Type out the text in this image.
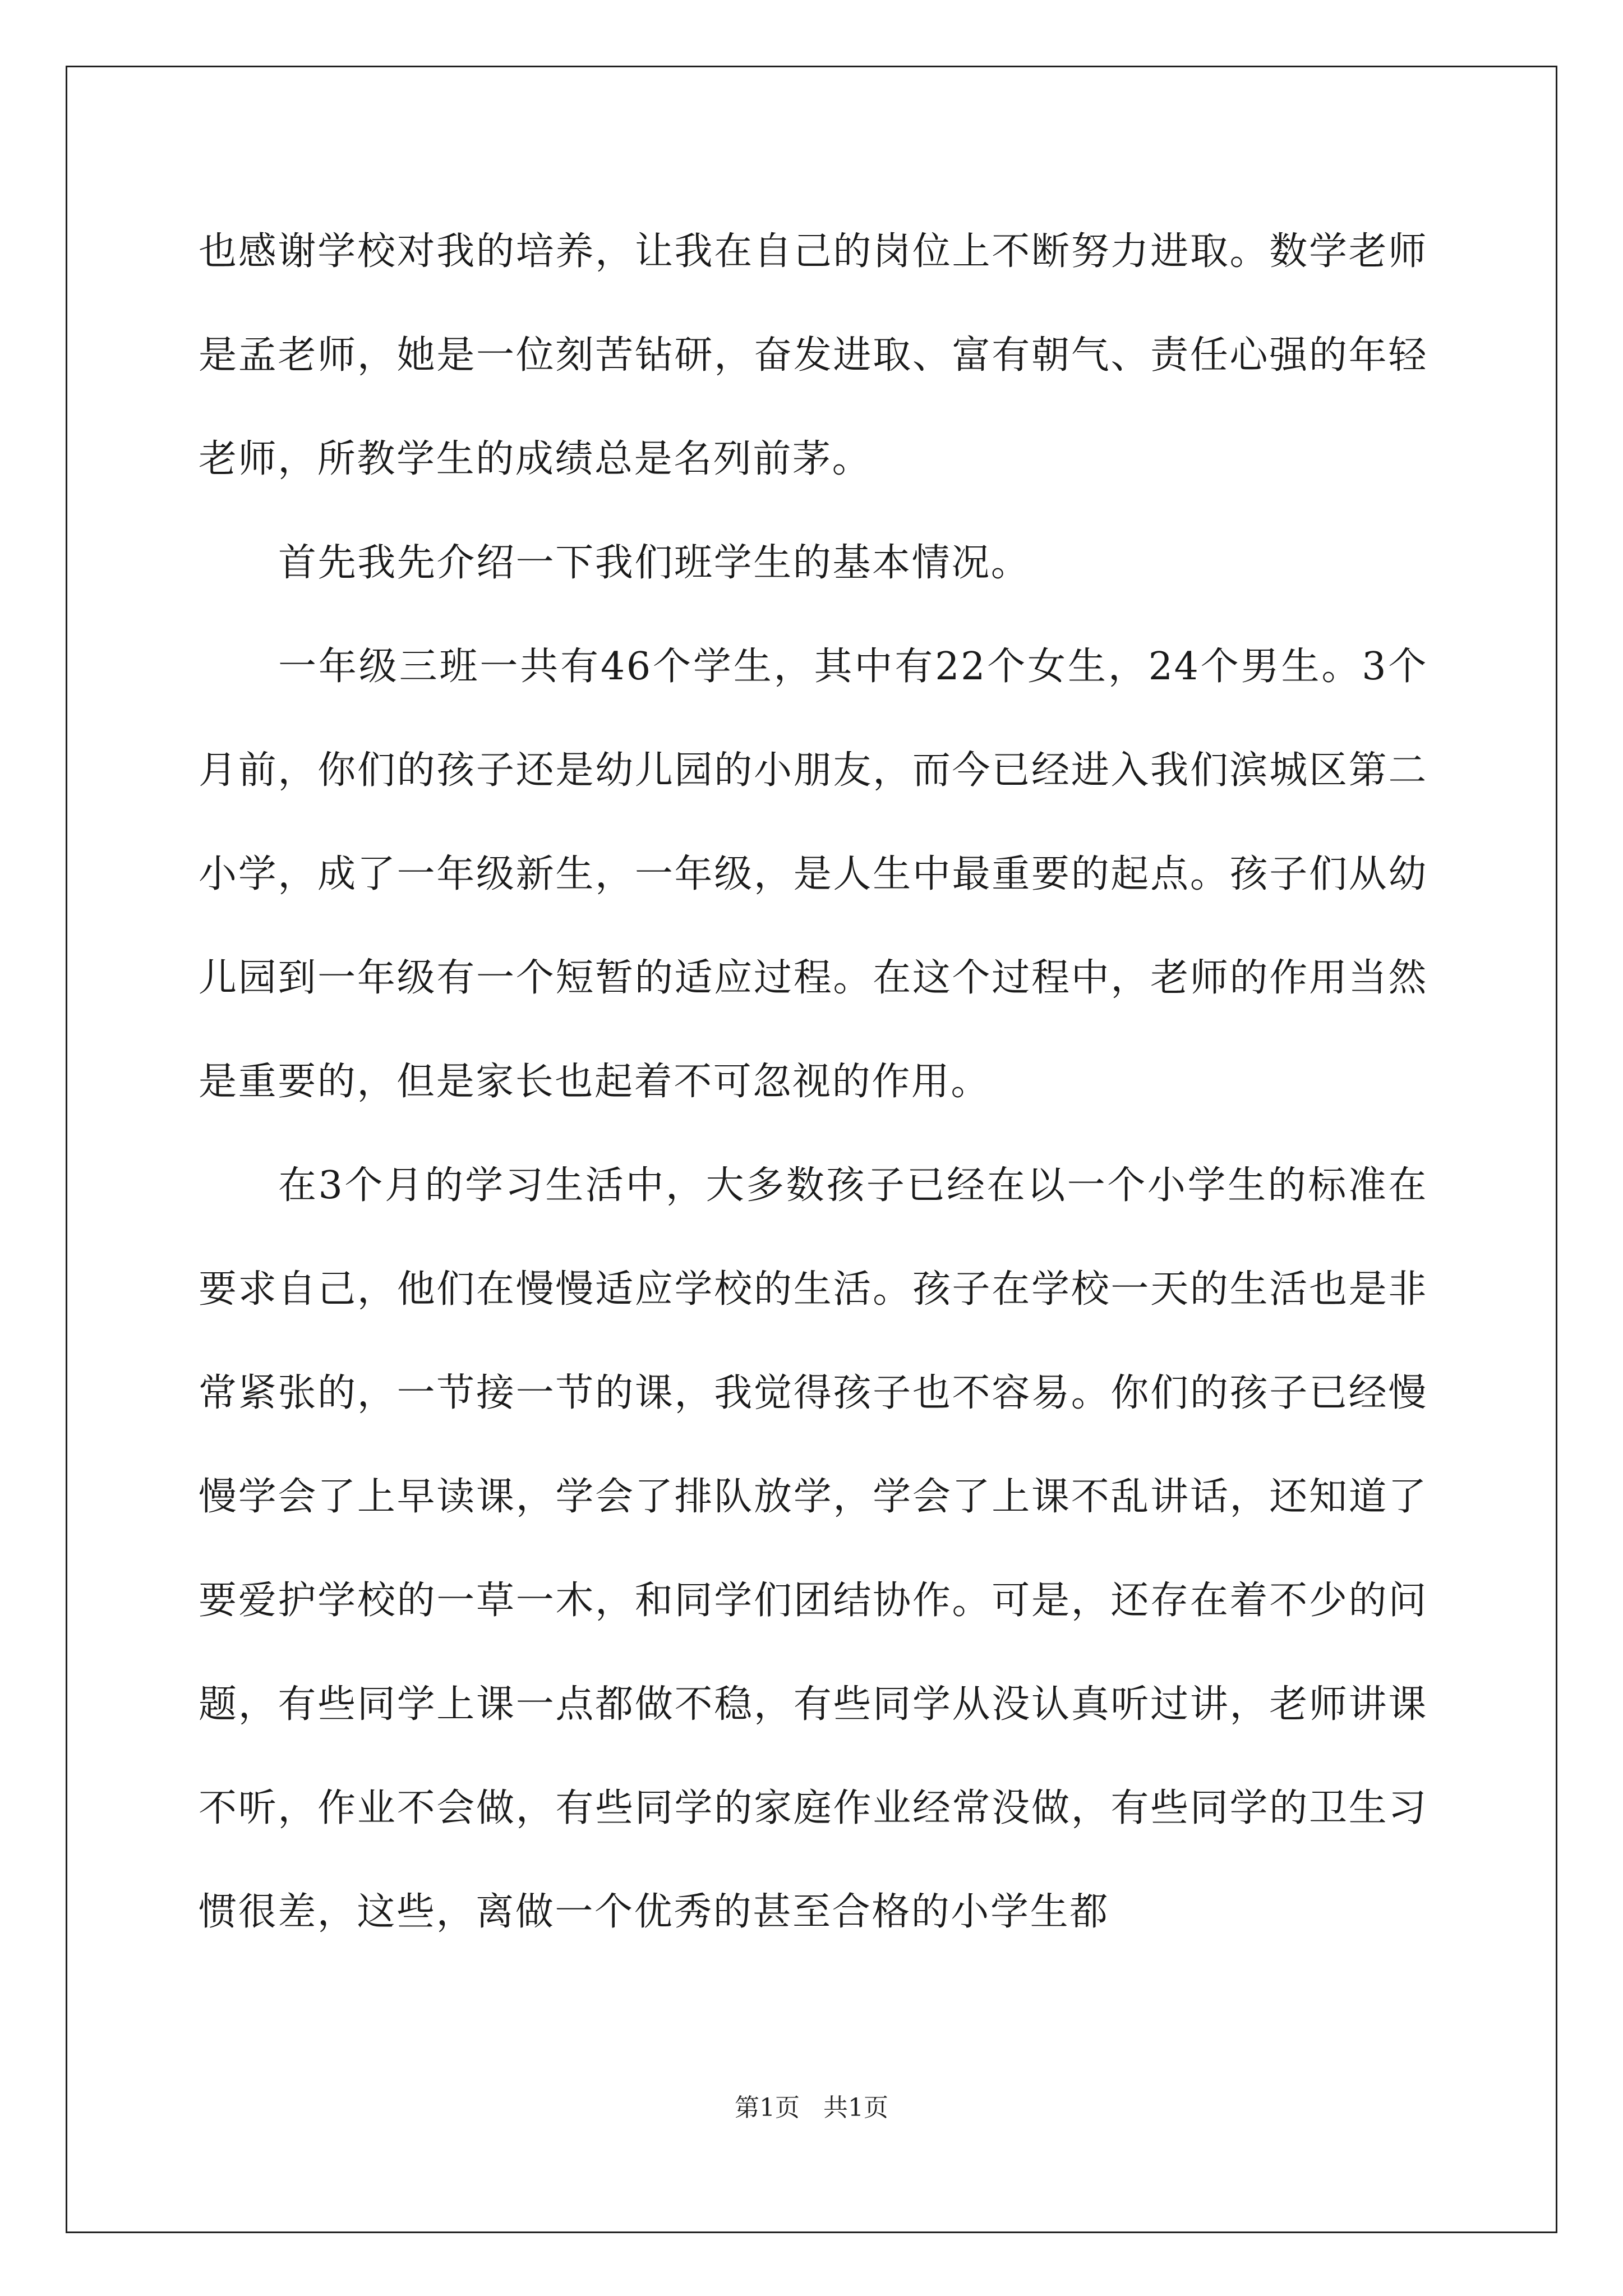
也感谢学校对我的培养，让我在自己的岗位上不断努力进取。数学老师是孟老师，她是一位刻苦钻研，奋发进取、富有朝气、责任心强的年轻老师，所教学生的成绩总是名列前茅。

首先我先介绍一下我们班学生的基本情况。

一年级三班一共有46个学生，其中有22个女生，24个男生。3个月前，你们的孩子还是幼儿园的小朋友，而今已经进入我们滨城区第二小学，成了一年级新生，一年级，是人生中最重要的起点。孩子们从幼儿园到一年级有一个短暂的适应过程。在这个过程中，老师的作用当然是重要的，但是家长也起着不可忽视的作用。

在3个月的学习生活中，大多数孩子已经在以一个小学生的标准在要求自己，他们在慢慢适应学校的生活。孩子在学校一天的生活也是非常紧张的，一节接一节的课，我觉得孩子也不容易。你们的孩子已经慢慢学会了上早读课，学会了排队放学，学会了上课不乱讲话，还知道了要爱护学校的一草一木，和同学们团结协作。可是，还存在着不少的问题，有些同学上课一点都做不稳，有些同学从没认真听过讲，老师讲课不听，作业不会做，有些同学的家庭作业经常没做，有些同学的卫生习惯很差，这些，离做一个优秀的甚至合格的小学生都

第1页 共1页
